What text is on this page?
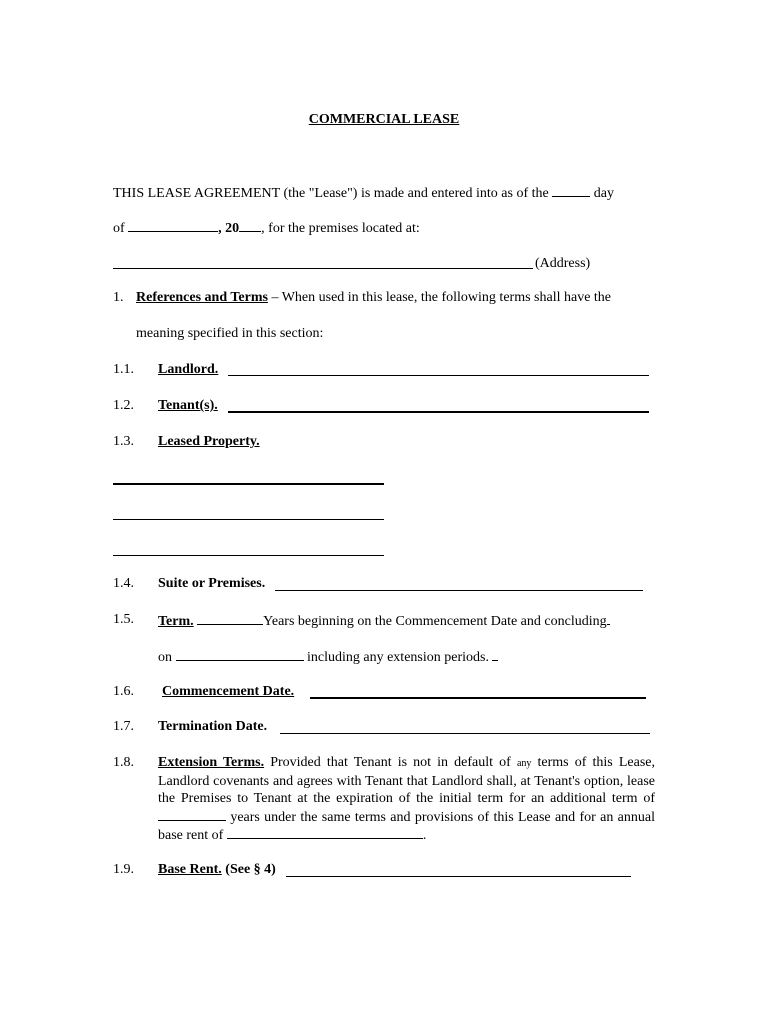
COMMERCIAL LEASE
THIS LEASE AGREEMENT (the "Lease") is made and entered into as of the	day
of	, 20 , for the premises located at:
(Address)
1. References and Terms – When used in this lease, the following terms shall have the
meaning specified in this section:
1.1. Landlord.
1.2. Tenant(s).
1.3. Leased Property.
1.4. Suite or Premises.
1.5. Term.	Years beginning on the Commencement Date and concluding
on	including any extension periods.
1.6. Commencement Date.
1.7. Termination Date.
1.8. Extension Terms. Provided that Tenant is not in default of any terms of this Lease, Landlord covenants and agrees with Tenant that Landlord shall, at Tenant's option, lease the Premises to Tenant at the expiration of the initial term for an additional term of  years under the same terms and provisions of this Lease and for an annual base rent of	.
1.9. Base Rent. (See § 4)
